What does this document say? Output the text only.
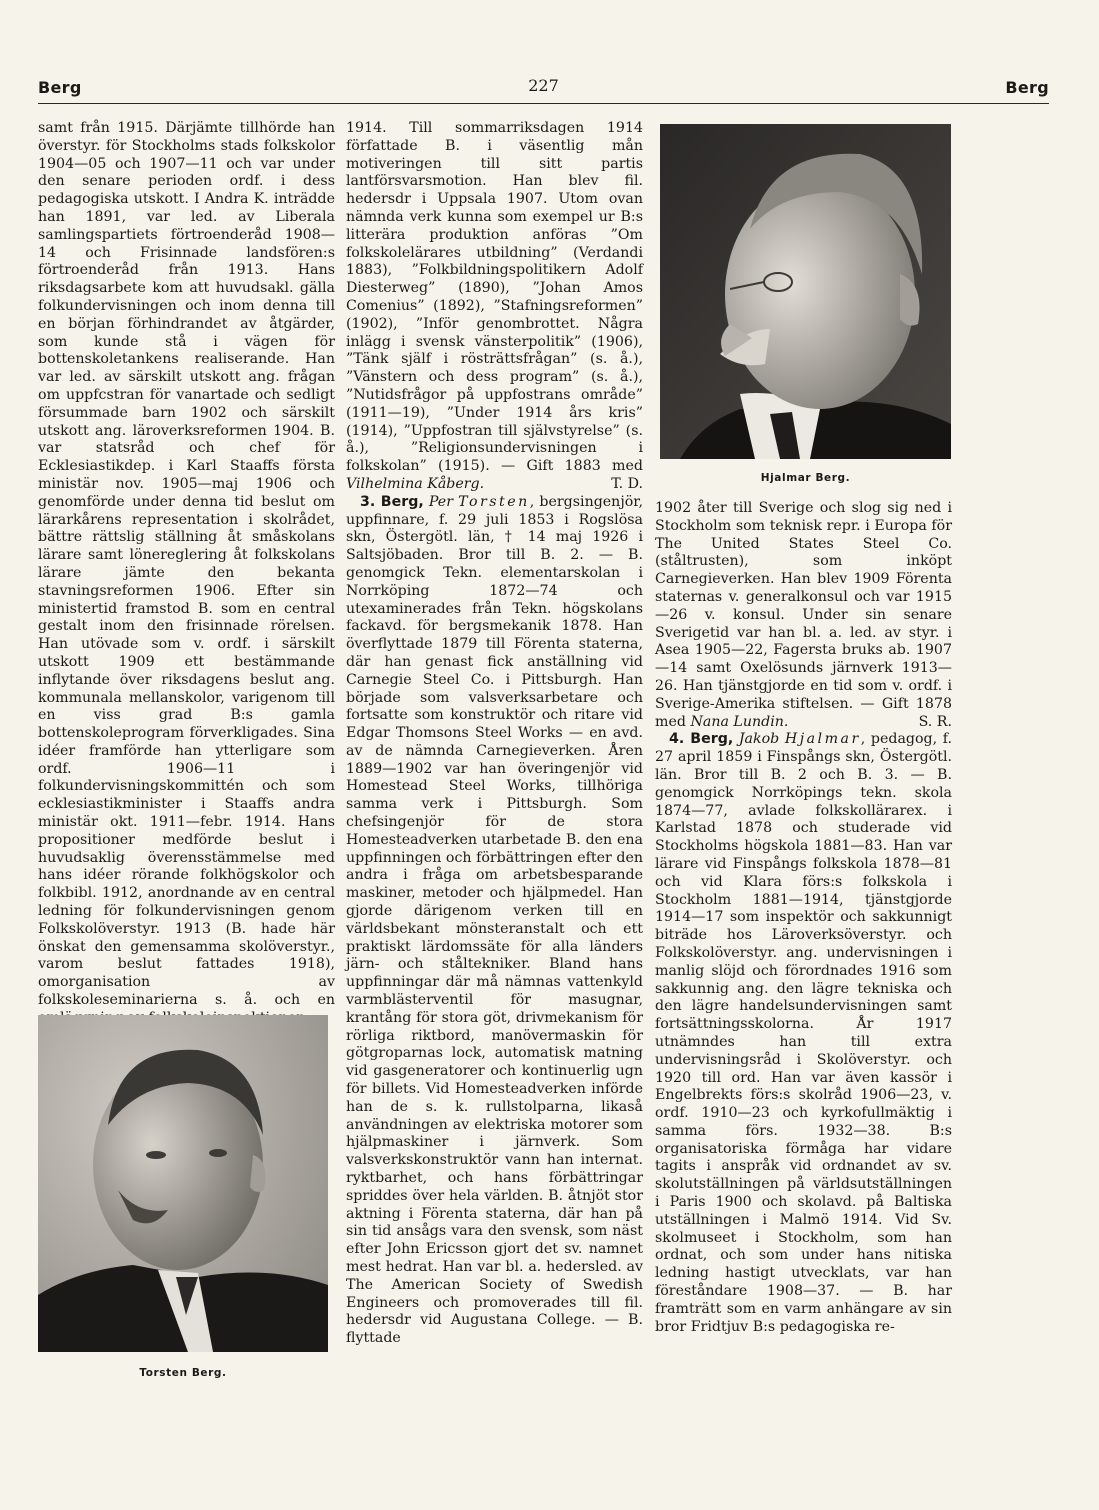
Berg	227	Berg

samt från 1915. Därjämte tillhörde han överstyr. för Stockholms stads folkskolor 1904—05 och 1907—11 och var under den senare perioden ordf. i dess pedagogiska utskott. I Andra K. inträdde han 1891, var led. av Liberala samlingspartiets förtroenderåd 1908—14 och Frisinnade landsfören:s förtroenderåd från 1913. Hans riksdagsarbete kom att huvudsakl. gälla folkundervisningen och inom denna till en början förhindrandet av åtgärder, som kunde stå i vägen för bottenskoletankens realiserande. Han var led. av särskilt utskott ang. frågan om uppfcstran för vanartade och sedligt försummade barn 1902 och särskilt utskott ang. läroverksreformen 1904. B. var statsråd och chef för Ecklesiastikdep. i Karl Staaffs första ministär nov. 1905—maj 1906 och genomförde under denna tid beslut om lärarkårens representation i skolrådet, bättre rättslig ställning åt småskolans lärare samt lönereglering åt folkskolans lärare jämte den bekanta stavningsreformen 1906. Efter sin ministertid framstod B. som en central gestalt inom den frisinnade rörelsen. Han utövade som v. ordf. i särskilt utskott 1909 ett bestämmande inflytande över riksdagens beslut ang. kommunala mellanskolor, varigenom till en viss grad B:s gamla bottenskoleprogram förverkligades. Sina idéer framförde han ytterligare som ordf. 1906—11 i folkundervisningskommittén och som ecklesiastikminister i Staaffs andra ministär okt. 1911—febr. 1914. Hans propositioner medförde beslut i huvudsaklig överensstämmelse med hans idéer rörande folkhögskolor och folkbibl. 1912, anordnande av en central ledning för folkundervisningen genom Folkskolöverstyr. 1913 (B. hade här önskat den gemensamma skolöverstyr., varom beslut fattades 1918), omorganisation av folkskoleseminarierna s. å. och en

Torsten Berg.

1914. Till sommarriksdagen 1914 författade B. i väsentlig mån motiveringen till sitt partis lantförsvarsmotion. Han blev fil. hedersdr i Uppsala 1907. Utom ovan nämnda verk kunna som exempel ur B:s litterära produktion anföras ”Om folkskolelärares utbildning” (Verdandi 1883), ”Folkbildningspolitikern Adolf Diesterweg” (1890), ”Johan Amos Comenius” (1892), ”Stafningsreformen” (1902), ”Inför genombrottet. Några inlägg i svensk vänsterpolitik” (1906), ”Tänk själf i rösträttsfrågan” (s. å.), ”Vänstern och dess program” (s. å.), ”Nutidsfrågor på uppfostrans område” (1911—19), ”Under 1914 års kris” (1914), ”Uppfostran till självstyrelse” (s. å.), ”Religionsundervisningen i folkskolan” (1915). — Gift 1883 med Vilhelmina Kåberg.	T. D.

3. Berg, Per Torsten, bergsingenjör, uppfinnare, f. 29 juli 1853 i Rogslösa skn, Östergötl. län, † 14 maj 1926 i Saltsjöbaden. Bror till B. 2. — B. genomgick Tekn. elementarskolan i Norrköping 1872—74 och utexaminerades från Tekn. högskolans fackavd. för bergsmekanik 1878. Han överflyttade 1879 till Förenta staterna, där han genast fick anställning vid Carnegie Steel Co. i Pittsburgh. Han började som valsverksarbetare och fortsatte som konstruktör och ritare vid Edgar Thomsons Steel Works — en avd. av de nämnda Carnegieverken. Åren 1889—1902 var han överingenjör vid Homestead Steel Works, tillhöriga samma verk i Pittsburgh. Som chefsingenjör för de stora Homesteadverken utarbetade B. den ena uppfinningen och förbättringen efter den andra i fråga om arbetsbesparande maskiner, metoder och hjälpmedel. Han gjorde därigenom verken till en världsbekant mönsteranstalt och ett praktiskt lärdomssäte för alla länders järn- och ståltekniker. Bland hans uppfinningar där må nämnas vattenkyld varmblästerventil för masugnar, krantång för stora göt, drivmekanism för rörliga riktbord, manövermaskin för götgroparnas lock, automatisk matning vid gasgeneratorer och kontinuerlig ugn för billets. Vid Homesteadverken införde han de s. k. rullstolparna, likaså användningen av elektriska motorer som hjälpmaskiner i järnverk. Som valsverkskonstruktör vann han internat. ryktbarhet, och hans förbättringar spriddes över hela världen. B. åtnjöt stor aktning i Förenta staterna, där han på sin tid ansågs vara den svensk, som näst efter John Ericsson gjort det sv. namnet mest hedrat. Han var bl. a. hedersled. av The American Society of Swedish Engineers och promoverades till fil. hedersdr vid Augustana College. — B. flyttade

Hjalmar Berg.

1902 åter till Sverige och slog sig ned i Stockholm som teknisk repr. i Europa för The United States Steel Co. (ståltrusten), som inköpt Carnegieverken. Han blev 1909 Förenta staternas v. generalkonsul och var 1915—26 v. konsul. Under sin senare Sverigetid var han bl. a. led. av styr. i Asea 1905—22, Fagersta bruks ab. 1907—14 samt Oxelösunds järnverk 1913—26. Han tjänstgjorde en tid som v. ordf. i Sverige-Amerika stiftelsen. — Gift 1878 med Nana Lundin.	S. R.

4. Berg, Jakob Hjalmar, pedagog, f. 27 april 1859 i Finspångs skn, Östergötl. län. Bror till B. 2 och B. 3. — B. genomgick Norrköpings tekn. skola 1874—77, avlade folkskollärarex. i Karlstad 1878 och studerade vid Stockholms högskola 1881—83. Han var lärare vid Finspångs folkskola 1878—81 och vid Klara förs:s folkskola i Stockholm 1881—1914, tjänstgjorde 1914—17 som inspektör och sakkunnigt biträde hos Läroverksöverstyr. och Folkskolöverstyr. ang. undervisningen i manlig slöjd och förordnades 1916 som sakkunnig ang. den lägre tekniska och den lägre handelsundervisningen samt fortsättningsskolorna. År 1917 utnämndes han till extra undervisningsråd i Skolöverstyr. och 1920 till ord. Han var även kassör i Engelbrekts förs:s skolråd 1906—23, v. ordf. 1910—23 och kyrkofullmäktig i samma förs. 1932—38. B:s organisatoriska förmåga har vidare tagits i anspråk vid ordnandet av sv. skolutställningen på världsutställningen i Paris 1900 och skolavd. på Baltiska utställningen i Malmö 1914. Vid Sv. skolmuseet i Stockholm, som han ordnat, och som under hans nitiska ledning hastigt utvecklats, var han föreståndare 1908—37. — B. har framträtt som en varm anhängare av sin bror Fridtjuv B:s pedagogiska re-
